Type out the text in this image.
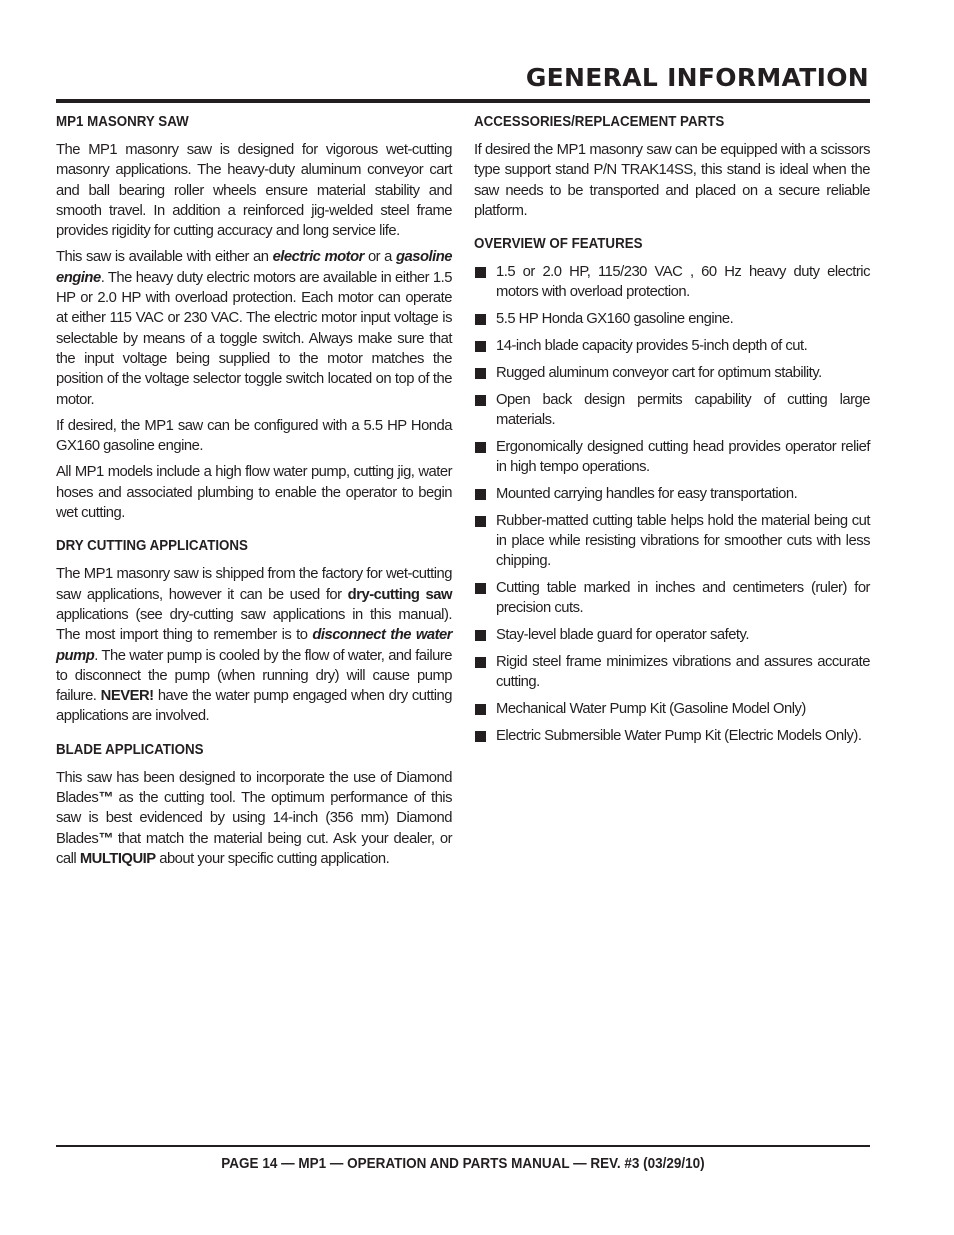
GENERAL INFORMATION
MP1 MASONRY SAW

The MP1 masonry saw is designed for vigorous wet-cutting masonry applications. The heavy-duty aluminum conveyor cart and ball bearing roller wheels ensure material stability and smooth travel. In addition a reinforced jig-welded steel frame provides rigidity for cutting accuracy and long service life.

This saw is available with either an electric motor or a gasoline engine. The heavy duty electric motors are available in either 1.5 HP or 2.0 HP with overload protection. Each motor can operate at either 115 VAC or 230 VAC. The electric motor input voltage is selectable by means of a toggle switch. Always make sure that the input voltage being supplied to the motor matches the position of the voltage selector toggle switch located on top of the motor.

If desired, the MP1 saw can be configured with a 5.5 HP Honda GX160 gasoline engine.

All MP1 models include a high flow water pump, cutting jig, water hoses and associated plumbing to enable the operator to begin wet cutting.

DRY CUTTING APPLICATIONS

The MP1 masonry saw is shipped from the factory for wet-cutting saw applications, however it can be used for dry-cutting saw applications (see dry-cutting saw applications in this manual). The most import thing to remember is to disconnect the water pump. The water pump is cooled by the flow of water, and failure to disconnect the pump (when running dry) will cause pump failure. NEVER! have the water pump engaged when dry cutting applications are involved.

BLADE APPLICATIONS

This saw has been designed to incorporate the use of Diamond Blades™ as the cutting tool. The optimum performance of this saw is best evidenced by using 14-inch (356 mm) Diamond Blades™ that match the material being cut. Ask your dealer, or call MULTIQUIP about your specific cutting application.

ACCESSORIES/REPLACEMENT PARTS

If desired the MP1 masonry saw can be equipped with a scissors type support stand P/N TRAK14SS, this stand is ideal when the saw needs to be transported and placed on a secure reliable platform.

OVERVIEW OF FEATURES
1.5 or 2.0 HP, 115/230 VAC , 60 Hz heavy duty electric motors with overload protection.
5.5 HP Honda GX160 gasoline engine.
14-inch blade capacity provides 5-inch depth of cut.
Rugged aluminum conveyor cart for optimum stability.
Open back design permits capability of cutting large materials.
Ergonomically designed cutting head provides operator relief in high tempo operations.
Mounted carrying handles for easy transportation.
Rubber-matted cutting table helps hold the material being cut in place while resisting vibrations for smoother cuts with less chipping.
Cutting table marked in inches and centimeters (ruler) for precision cuts.
Stay-level blade guard for operator safety.
Rigid steel frame minimizes vibrations and assures accurate cutting.
Mechanical Water Pump Kit (Gasoline Model Only)
Electric Submersible Water Pump Kit (Electric Models Only).
PAGE 14 — MP1 — OPERATION AND PARTS MANUAL — REV. #3 (03/29/10)
